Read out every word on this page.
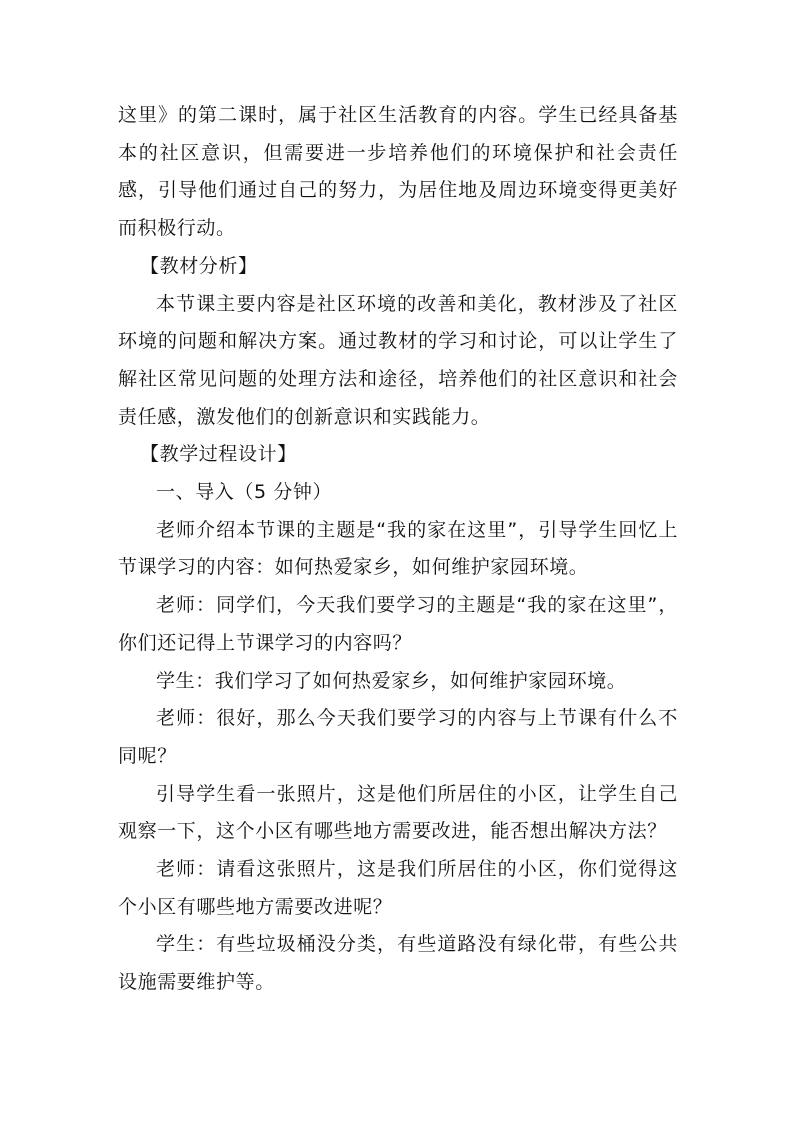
这里》的第二课时，属于社区生活教育的内容。学生已经具备基本的社区意识，但需要进一步培养他们的环境保护和社会责任感，引导他们通过自己的努力，为居住地及周边环境变得更美好而积极行动。

【教材分析】

本节课主要内容是社区环境的改善和美化，教材涉及了社区环境的问题和解决方案。通过教材的学习和讨论，可以让学生了解社区常见问题的处理方法和途径，培养他们的社区意识和社会责任感，激发他们的创新意识和实践能力。

【教学过程设计】

一、导入（5 分钟）

老师介绍本节课的主题是“我的家在这里”，引导学生回忆上节课学习的内容：如何热爱家乡，如何维护家园环境。

老师：同学们，今天我们要学习的主题是“我的家在这里”，你们还记得上节课学习的内容吗？

学生：我们学习了如何热爱家乡，如何维护家园环境。

老师：很好，那么今天我们要学习的内容与上节课有什么不同呢？

引导学生看一张照片，这是他们所居住的小区，让学生自己观察一下，这个小区有哪些地方需要改进，能否想出解决方法？

老师：请看这张照片，这是我们所居住的小区，你们觉得这个小区有哪些地方需要改进呢？

学生：有些垃圾桶没分类，有些道路没有绿化带，有些公共设施需要维护等。
